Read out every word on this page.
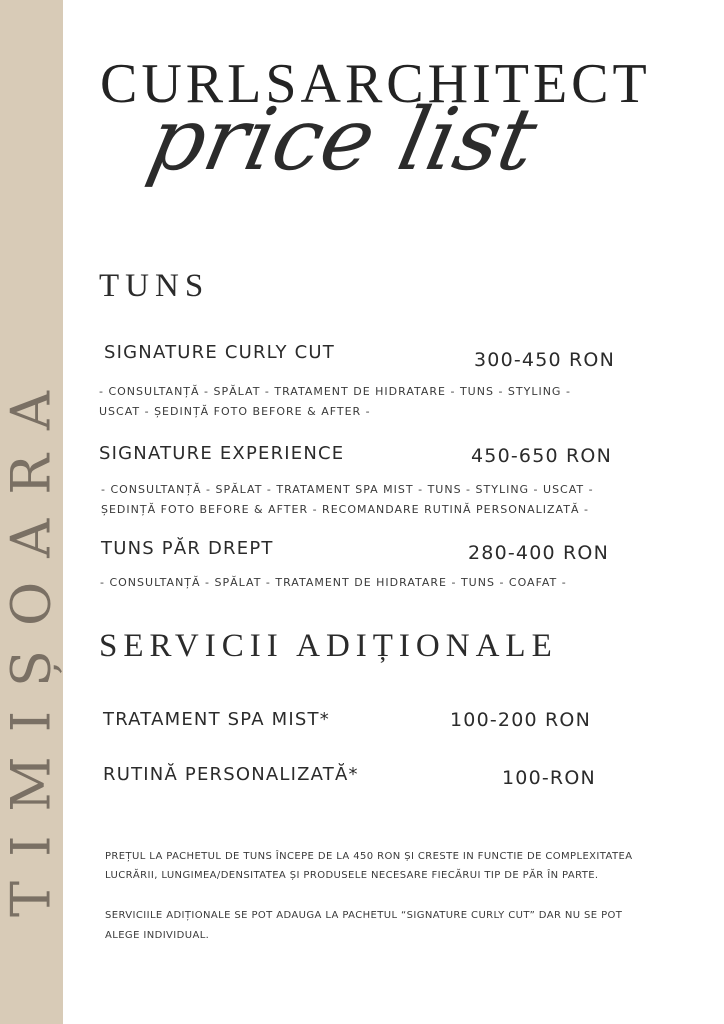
TIMIȘOARA
CURLSARCHITECT
price list
TUNS
SIGNATURE CURLY CUT	300-450 RON
- CONSULTANȚĂ - SPĂLAT - TRATAMENT DE HIDRATARE - TUNS - STYLING -
USCAT - ȘEDINȚĂ FOTO BEFORE & AFTER -
SIGNATURE EXPERIENCE	450-650 RON
- CONSULTANȚĂ - SPĂLAT - TRATAMENT SPA MIST - TUNS - STYLING - USCAT -
ȘEDINȚĂ FOTO BEFORE & AFTER - RECOMANDARE RUTINĂ PERSONALIZATĂ -
TUNS PĂR DREPT	280-400 RON
- CONSULTANȚĂ - SPĂLAT - TRATAMENT DE HIDRATARE - TUNS - COAFAT -
SERVICII ADIȚIONALE
TRATAMENT SPA MIST*	100-200 RON
RUTINĂ PERSONALIZATĂ*	100-RON
PREȚUL LA PACHETUL DE TUNS ÎNCEPE DE LA 450 RON ȘI CRESTE IN FUNCTIE DE COMPLEXITATEA
LUCRĂRII, LUNGIMEA/DENSITATEA ȘI PRODUSELE NECESARE FIECĂRUI TIP DE PĂR ÎN PARTE.
SERVICIILE ADIȚIONALE SE POT ADAUGA LA PACHETUL “SIGNATURE CURLY CUT” DAR NU SE POT
ALEGE INDIVIDUAL.
